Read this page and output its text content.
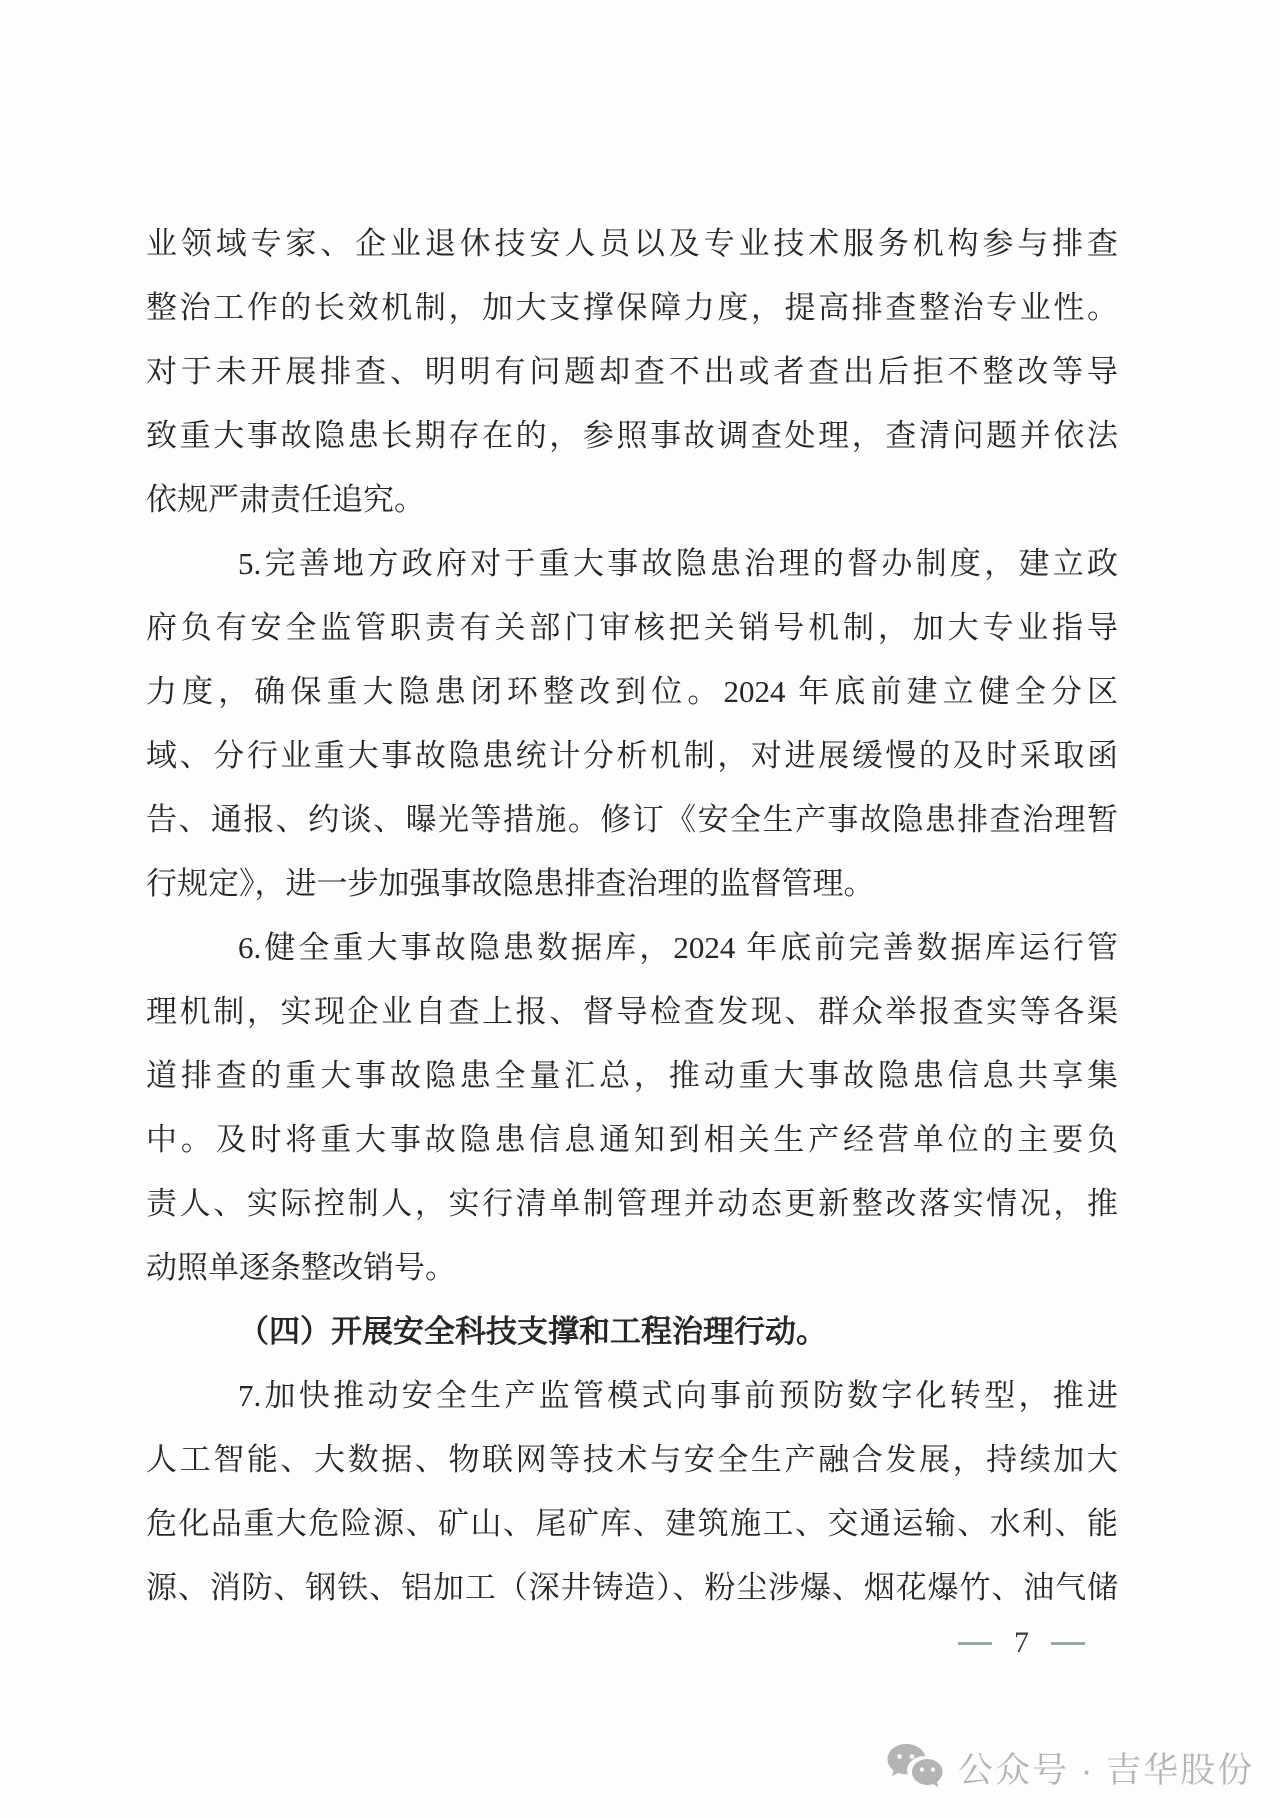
业领域专家、企业退休技安人员以及专业技术服务机构参与排查
整治工作的长效机制，加大支撑保障力度，提高排查整治专业性。
对于未开展排查、明明有问题却查不出或者查出后拒不整改等导
致重大事故隐患长期存在的，参照事故调查处理，查清问题并依法
依规严肃责任追究。
5.完善地方政府对于重大事故隐患治理的督办制度，建立政
府负有安全监管职责有关部门审核把关销号机制，加大专业指导
力度，确保重大隐患闭环整改到位。2024 年底前建立健全分区
域、分行业重大事故隐患统计分析机制，对进展缓慢的及时采取函
告、通报、约谈、曝光等措施。修订《安全生产事故隐患排查治理暂
行规定》，进一步加强事故隐患排查治理的监督管理。
6.健全重大事故隐患数据库，2024 年底前完善数据库运行管
理机制，实现企业自查上报、督导检查发现、群众举报查实等各渠
道排查的重大事故隐患全量汇总，推动重大事故隐患信息共享集
中。及时将重大事故隐患信息通知到相关生产经营单位的主要负
责人、实际控制人，实行清单制管理并动态更新整改落实情况，推
动照单逐条整改销号。
（四）开展安全科技支撑和工程治理行动。
7.加快推动安全生产监管模式向事前预防数字化转型，推进
人工智能、大数据、物联网等技术与安全生产融合发展，持续加大
危化品重大危险源、矿山、尾矿库、建筑施工、交通运输、水利、能
源、消防、钢铁、铝加工（深井铸造）、粉尘涉爆、烟花爆竹、油气储
7
公众号 · 吉华股份
